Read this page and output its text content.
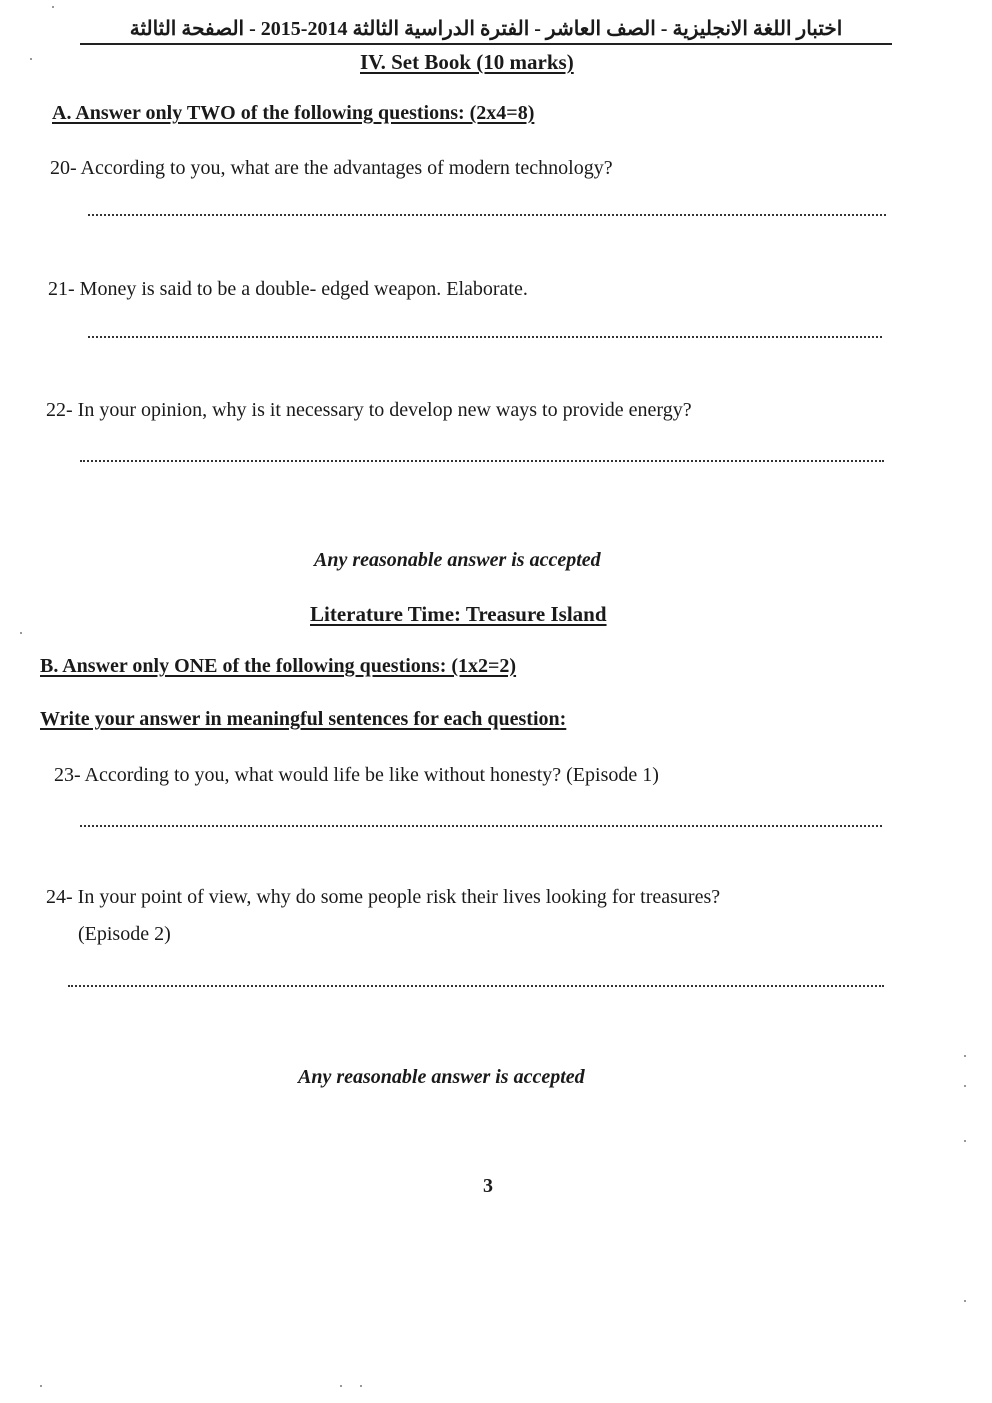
اختبار اللغة الانجليزية - الصف العاشر - الفترة الدراسية الثالثة 2014-2015 - الصفحة الثالثة
IV. Set Book (10 marks)
A. Answer only TWO of the following questions: (2x4=8)
20- According to you, what are the advantages of modern technology?
21- Money is said to be a double- edged weapon. Elaborate.
22- In your opinion, why is it necessary to develop new ways to provide energy?
Any reasonable answer is accepted
Literature Time: Treasure Island
B. Answer only ONE of the following questions: (1x2=2)
Write your answer in meaningful sentences for each question:
23- According to you, what would life be like without honesty? (Episode 1)
24- In your point of view, why do some people risk their lives looking for treasures?
(Episode 2)
Any reasonable answer is accepted
3
